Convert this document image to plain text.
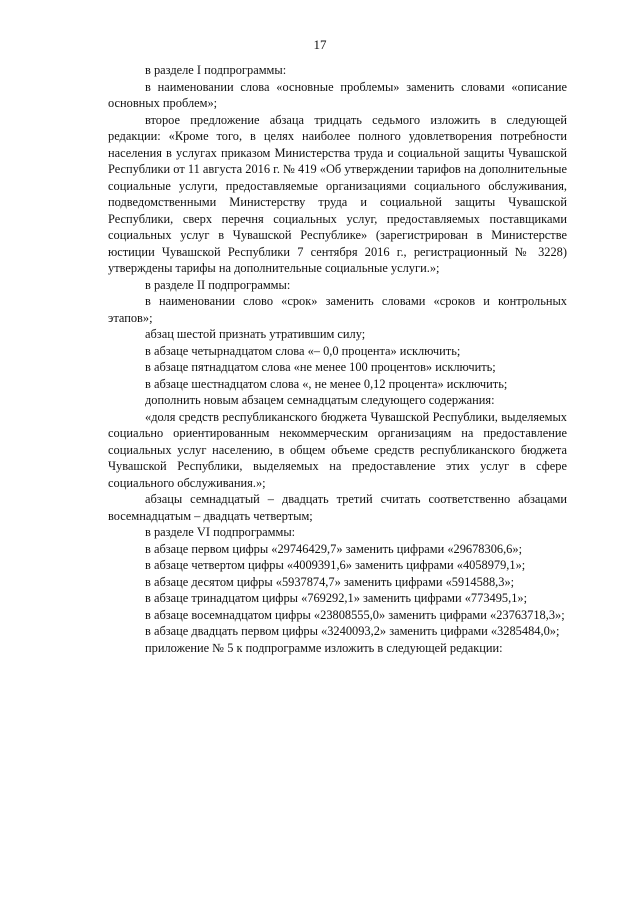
17

в разделе I подпрограммы:

в наименовании слова «основные проблемы» заменить словами «описание основных проблем»;

второе предложение абзаца тридцать седьмого изложить в следующей редакции: «Кроме того, в целях наиболее полного удовлетворения потребности населения в услугах приказом Министерства труда и социальной защиты Чувашской Республики от 11 августа 2016 г. № 419 «Об утверждении тарифов на дополнительные социальные услуги, предоставляемые организациями социального обслуживания, подведомственными Министерству труда и социальной защиты Чувашской Республики, сверх перечня социальных услуг, предоставляемых поставщиками социальных услуг в Чувашской Республике» (зарегистрирован в Министерстве юстиции Чувашской Республики 7 сентября 2016 г., регистрационный № 3228) утверждены тарифы на дополнительные социальные услуги.»;

в разделе II подпрограммы:

в наименовании слово «срок» заменить словами «сроков и контрольных этапов»;

абзац шестой признать утратившим силу;

в абзаце четырнадцатом слова «– 0,0 процента» исключить;

в абзаце пятнадцатом слова «не менее 100 процентов» исключить;

в абзаце шестнадцатом слова «, не менее 0,12 процента» исключить;

дополнить новым абзацем семнадцатым следующего содержания:

«доля средств республиканского бюджета Чувашской Республики, выделяемых социально ориентированным некоммерческим организациям на предоставление социальных услуг населению, в общем объеме средств республиканского бюджета Чувашской Республики, выделяемых на предоставление этих услуг в сфере социального обслуживания.»;

абзацы семнадцатый – двадцать третий считать соответственно абзацами восемнадцатым – двадцать четвертым;

в разделе VI подпрограммы:

в абзаце первом цифры «29746429,7» заменить цифрами «29678306,6»;

в абзаце четвертом цифры «4009391,6» заменить цифрами «4058979,1»;

в абзаце десятом цифры «5937874,7» заменить цифрами «5914588,3»;

в абзаце тринадцатом цифры «769292,1» заменить цифрами «773495,1»;

в абзаце восемнадцатом цифры «23808555,0» заменить цифрами «23763718,3»;

в абзаце двадцать первом цифры «3240093,2» заменить цифрами «3285484,0»;

приложение № 5 к подпрограмме изложить в следующей редакции:
